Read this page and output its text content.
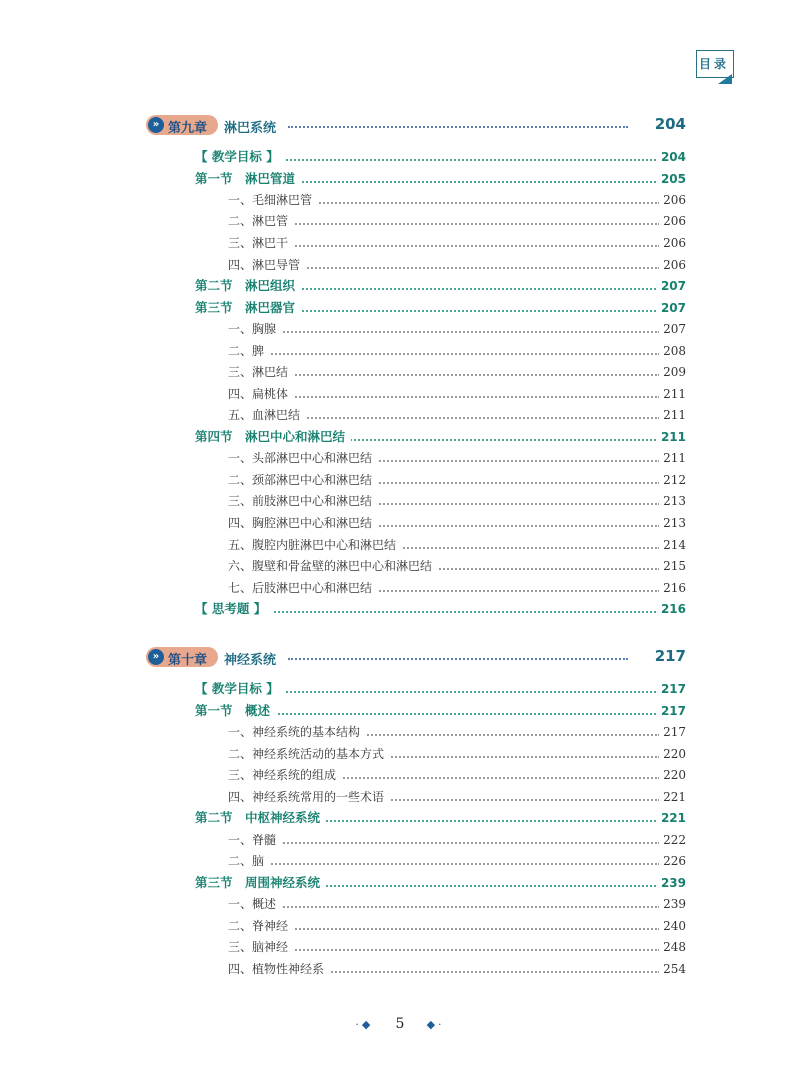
目录
» 第九章 淋巴系统	204
【 教学目标 】	204
第一节　淋巴管道	205
一、毛细淋巴管	206
二、淋巴管	206
三、淋巴干	206
四、淋巴导管	206
第二节　淋巴组织	207
第三节　淋巴器官	207
一、胸腺	207
二、脾	208
三、淋巴结	209
四、扁桃体	211
五、血淋巴结	211
第四节　淋巴中心和淋巴结	211
一、头部淋巴中心和淋巴结	211
二、颈部淋巴中心和淋巴结	212
三、前肢淋巴中心和淋巴结	213
四、胸腔淋巴中心和淋巴结	213
五、腹腔内脏淋巴中心和淋巴结	214
六、腹壁和骨盆壁的淋巴中心和淋巴结	215
七、后肢淋巴中心和淋巴结	216
【 思考题 】	216
» 第十章 神经系统	217
【 教学目标 】	217
第一节　概述	217
一、神经系统的基本结构	217
二、神经系统活动的基本方式	220
三、神经系统的组成	220
四、神经系统常用的一些术语	221
第二节　中枢神经系统	221
一、脊髓	222
二、脑	226
第三节　周围神经系统	239
一、概述	239
二、脊神经	240
三、脑神经	248
四、植物性神经系	254
·◆ 5 ◆·
